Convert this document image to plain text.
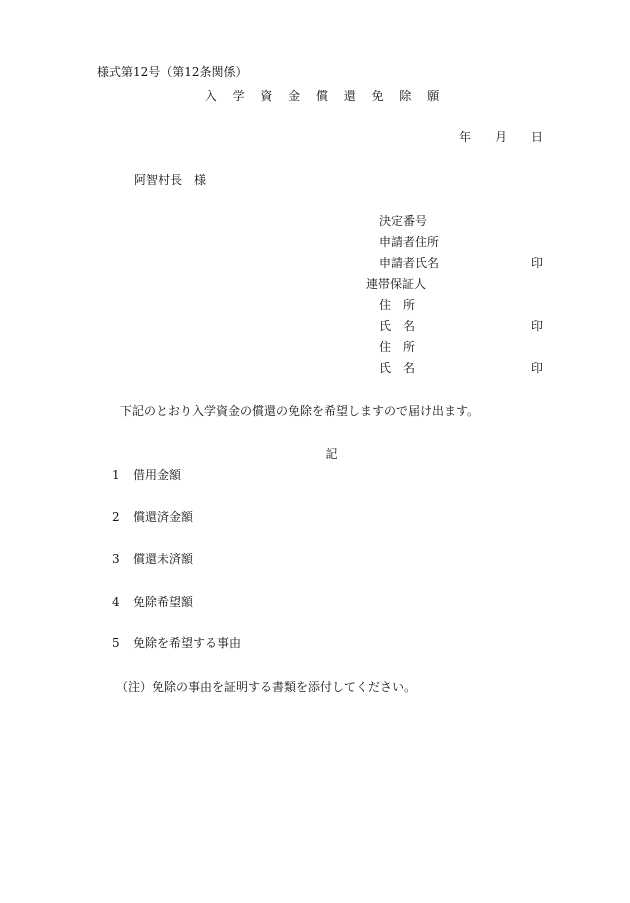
様式第12号（第12条関係）
入 学 資 金 償 還 免 除 願
年 月 日
阿智村長　様
決定番号
申請者住所
申請者氏名	印
連帯保証人
住　所
氏　名	印
住　所
氏　名	印
下記のとおり入学資金の償還の免除を希望しますので届け出ます。
記
1 借用金額
2 償還済金額
3 償還未済額
4 免除希望額
5 免除を希望する事由
（注）免除の事由を証明する書類を添付してください。
